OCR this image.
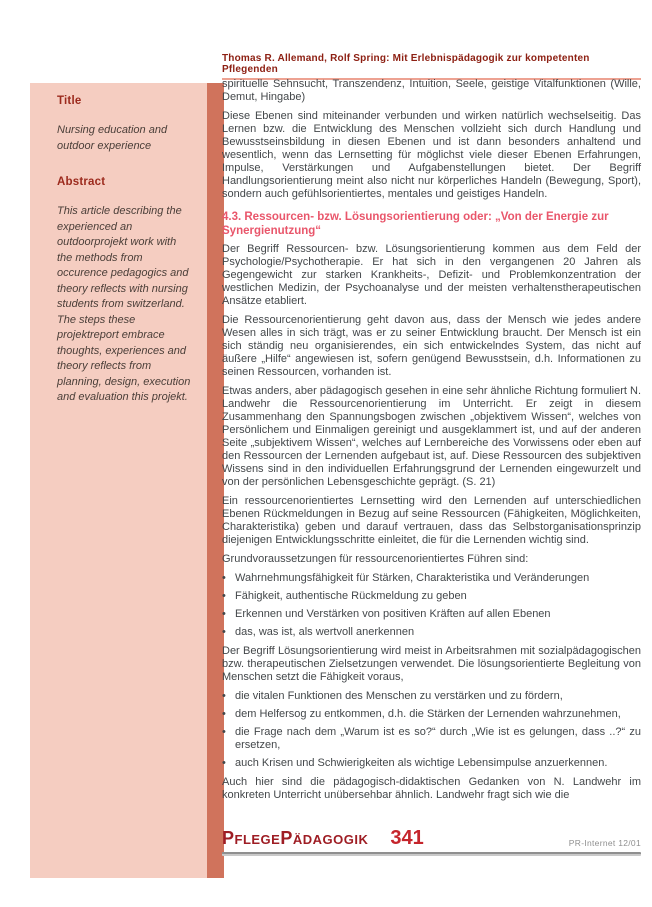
Thomas R. Allemand, Rolf Spring: Mit Erlebnispädagogik zur kompetenten Pflegenden
Title
Nursing education and outdoor experience
Abstract
This article describing the experienced an outdoorprojekt work with the methods from occurence pedagogics and theory reflects with nursing students from switzerland. The steps these projektreport embrace thoughts, experiences and theory reflects from planning, design, execution and evaluation this projekt.

spirituelle Sehnsucht, Transzendenz, Intuition, Seele, geistige Vitalfunktionen (Wille, Demut, Hingabe)

Diese Ebenen sind miteinander verbunden und wirken natürlich wechselseitig. Das Lernen bzw. die Entwicklung des Menschen vollzieht sich durch Handlung und Bewusstseinsbildung in diesen Ebenen und ist dann besonders anhaltend und wesentlich, wenn das Lernsetting für möglichst viele dieser Ebenen Erfahrungen, Impulse, Verstärkungen und Aufgabenstellungen bietet. Der Begriff Handlungsorientierung meint also nicht nur körperliches Handeln (Bewegung, Sport), sondern auch gefühlsorientiertes, mentales und geistiges Handeln.

4.3. Ressourcen- bzw. Lösungsorientierung oder: „Von der Energie zur Synergienutzung“

Der Begriff Ressourcen- bzw. Lösungsorientierung kommen aus dem Feld der Psychologie/Psychotherapie. Er hat sich in den vergangenen 20 Jahren als Gegengewicht zur starken Krankheits-, Defizit- und Problemkonzentration der westlichen Medizin, der Psychoanalyse und der meisten verhaltenstherapeutischen Ansätze etabliert.

Die Ressourcenorientierung geht davon aus, dass der Mensch wie jedes andere Wesen alles in sich trägt, was er zu seiner Entwicklung braucht. Der Mensch ist ein sich ständig neu organisierendes, ein sich entwickelndes System, das nicht auf äußere „Hilfe“ angewiesen ist, sofern genügend Bewusstsein, d.h. Informationen zu seinen Ressourcen, vorhanden ist.

Etwas anders, aber pädagogisch gesehen in eine sehr ähnliche Richtung formuliert N. Landwehr die Ressourcenorientierung im Unterricht. Er zeigt in diesem Zusammenhang den Spannungsbogen zwischen „objektivem Wissen“, welches von Persönlichem und Einmaligen gereinigt und ausgeklammert ist, und auf der anderen Seite „subjektivem Wissen“, welches auf Lernbereiche des Vorwissens oder eben auf den Ressourcen der Lernenden aufgebaut ist, auf. Diese Ressourcen des subjektiven Wissens sind in den individuellen Erfahrungsgrund der Lernenden eingewurzelt und von der persönlichen Lebensgeschichte geprägt. (S. 21)

Ein ressourcenorientiertes Lernsetting wird den Lernenden auf unterschiedlichen Ebenen Rückmeldungen in Bezug auf seine Ressourcen (Fähigkeiten, Möglichkeiten, Charakteristika) geben und darauf vertrauen, dass das Selbstorganisationsprinzip diejenigen Entwicklungsschritte einleitet, die für die Lernenden wichtig sind.

Grundvoraussetzungen für ressourcenorientiertes Führen sind:

• Wahrnehmungsfähigkeit für Stärken, Charakteristika und Veränderungen
• Fähigkeit, authentische Rückmeldung zu geben
• Erkennen und Verstärken von positiven Kräften auf allen Ebenen
• das, was ist, als wertvoll anerkennen

Der Begriff Lösungsorientierung wird meist in Arbeitsrahmen mit sozialpädagogischen bzw. therapeutischen Zielsetzungen verwendet. Die lösungsorientierte Begleitung von Menschen setzt die Fähigkeit voraus,

• die vitalen Funktionen des Menschen zu verstärken und zu fördern,
• dem Helfersog zu entkommen, d.h. die Stärken der Lernenden wahrzunehmen,
• die Frage nach dem „Warum ist es so?“ durch „Wie ist es gelungen, dass ..?“ zu ersetzen,
• auch Krisen und Schwierigkeiten als wichtige Lebensimpulse anzuerkennen.

Auch hier sind die pädagogisch-didaktischen Gedanken von N. Landwehr im konkreten Unterricht unübersehbar ähnlich. Landwehr fragt sich wie die

PflegePädagogik 341	PR-Internet 12/01
